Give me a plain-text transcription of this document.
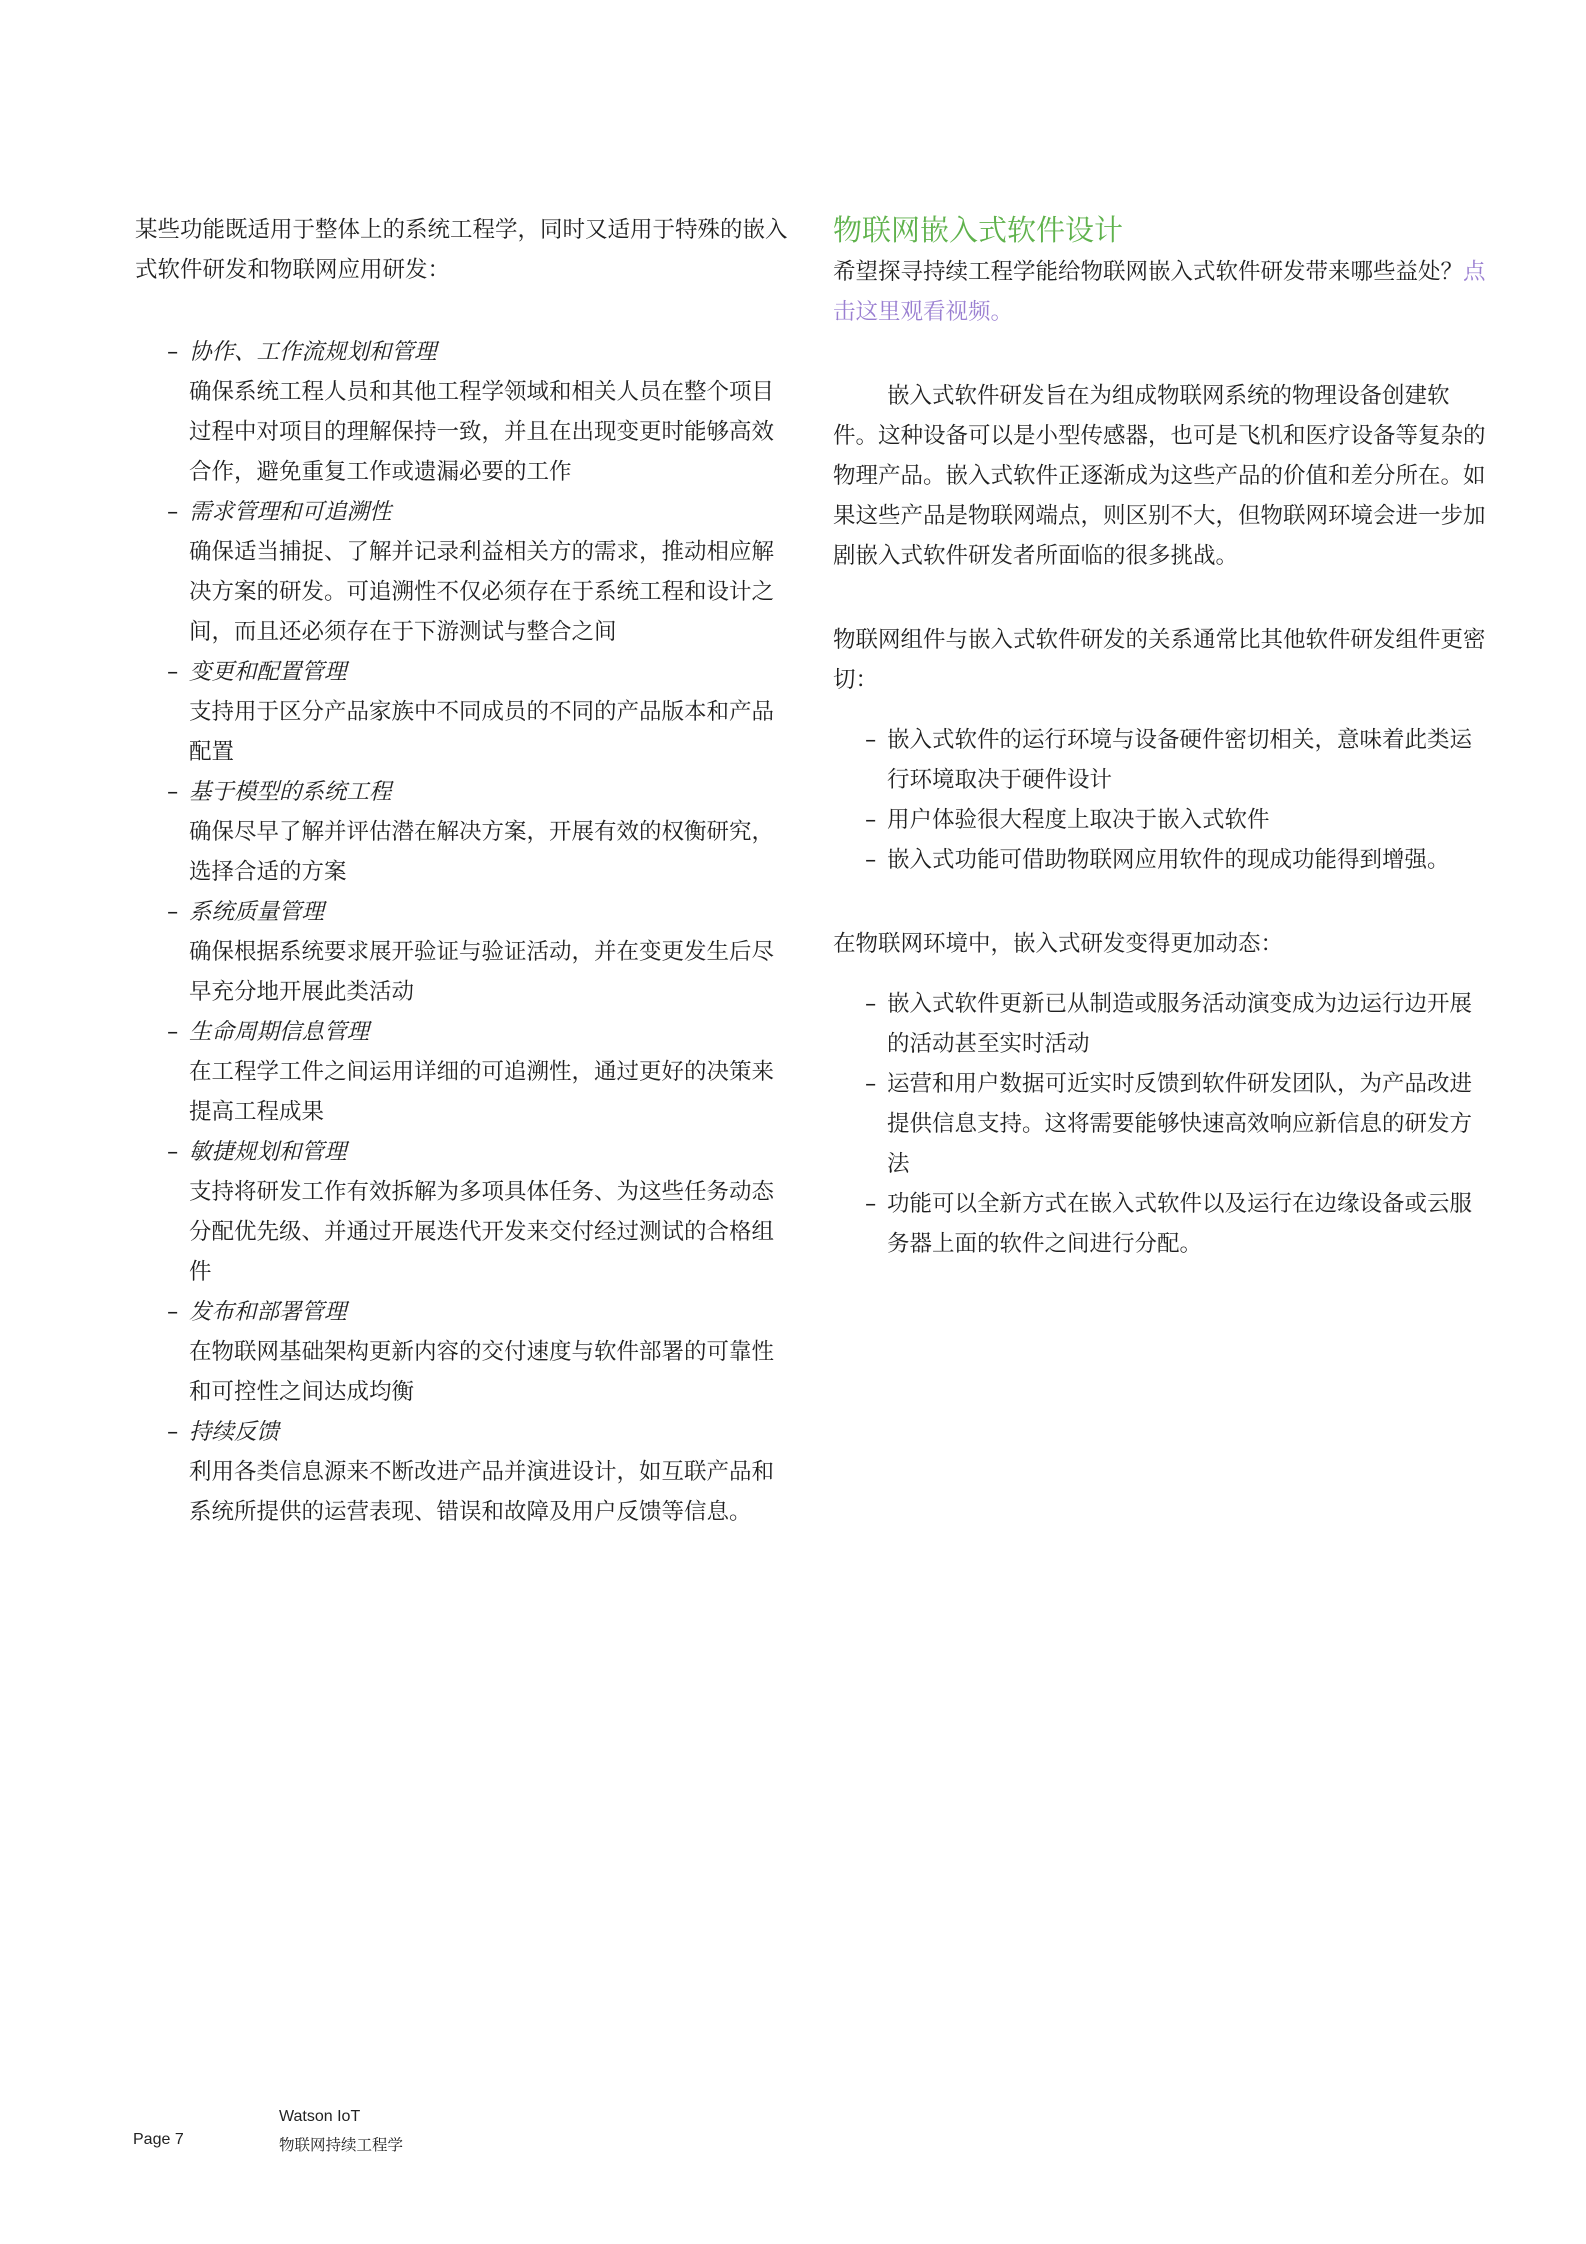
某些功能既适用于整体上的系统工程学，同时又适用于特殊的嵌入式软件研发和物联网应用研发：

– 协作、工作流规划和管理
确保系统工程人员和其他工程学领域和相关人员在整个项目过程中对项目的理解保持一致，并且在出现变更时能够高效合作，避免重复工作或遗漏必要的工作
– 需求管理和可追溯性
确保适当捕捉、了解并记录利益相关方的需求，推动相应解决方案的研发。可追溯性不仅必须存在于系统工程和设计之间，而且还必须存在于下游测试与整合之间
– 变更和配置管理
支持用于区分产品家族中不同成员的不同的产品版本和产品配置
– 基于模型的系统工程
确保尽早了解并评估潜在解决方案，开展有效的权衡研究，选择合适的方案
– 系统质量管理
确保根据系统要求展开验证与验证活动，并在变更发生后尽早充分地开展此类活动
– 生命周期信息管理
在工程学工件之间运用详细的可追溯性，通过更好的决策来提高工程成果
– 敏捷规划和管理
支持将研发工作有效拆解为多项具体任务、为这些任务动态分配优先级、并通过开展迭代开发来交付经过测试的合格组件
– 发布和部署管理
在物联网基础架构更新内容的交付速度与软件部署的可靠性和可控性之间达成均衡
– 持续反馈
利用各类信息源来不断改进产品并演进设计，如互联产品和系统所提供的运营表现、错误和故障及用户反馈等信息。
物联网嵌入式软件设计

希望探寻持续工程学能给物联网嵌入式软件研发带来哪些益处？点击这里观看视频。

嵌入式软件研发旨在为组成物联网系统的物理设备创建软件。这种设备可以是小型传感器，也可是飞机和医疗设备等复杂的物理产品。嵌入式软件正逐渐成为这些产品的价值和差分所在。如果这些产品是物联网端点，则区别不大，但物联网环境会进一步加剧嵌入式软件研发者所面临的很多挑战。

物联网组件与嵌入式软件研发的关系通常比其他软件研发组件更密切：

– 嵌入式软件的运行环境与设备硬件密切相关，意味着此类运行环境取决于硬件设计
– 用户体验很大程度上取决于嵌入式软件
– 嵌入式功能可借助物联网应用软件的现成功能得到增强。

在物联网环境中，嵌入式研发变得更加动态：

– 嵌入式软件更新已从制造或服务活动演变成为边运行边开展的活动甚至实时活动
– 运营和用户数据可近实时反馈到软件研发团队，为产品改进提供信息支持。这将需要能够快速高效响应新信息的研发方法
– 功能可以全新方式在嵌入式软件以及运行在边缘设备或云服务器上面的软件之间进行分配。
Page 7
Watson IoT
物联网持续工程学
